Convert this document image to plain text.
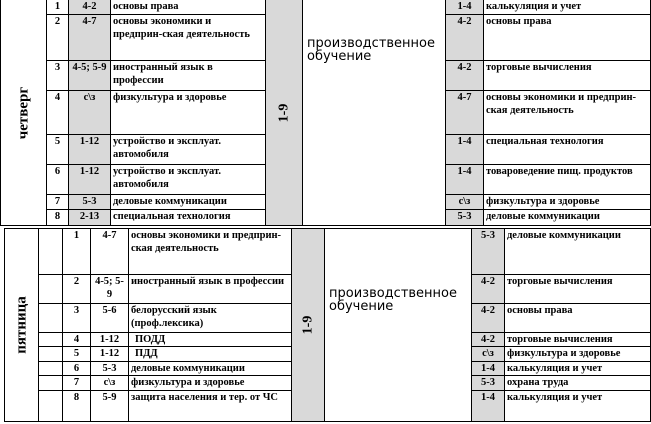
четверг	1	4-2	основы права	1-9	производственное обучение	1-4	калькуляция и учет
	2	4-7	основы экономики и предприн-ская деятельность			4-2	основы права
	3	4-5; 5-9	иностранный язык в профессии			4-2	торговые вычисления
	4	с\з	физкультура и здоровье			4-7	основы экономики и предприн-ская деятельность
	5	1-12	устройство и эксплуат. автомобиля			1-4	специальная технология
	6	1-12	устройство и эксплуат. автомобиля			1-4	товароведение пищ. продуктов
	7	5-3	деловые коммуникации			с\з	физкультура и здоровье
	8	2-13	специальная технология			5-3	деловые коммуникации
пятница		1	4-7	основы экономики и предприн-ская деятельность	1-9	производственное обучение	5-3	деловые коммуникации
		2	4-5; 5-9	иностранный язык в профессии			4-2	торговые вычисления
		3	5-6	белорусский язык (проф.лексика)			4-2	основы права
		4	1-12	ПОДД			4-2	торговые вычисления
		5	1-12	ПДД			с\з	физкультура и здоровье
		6	5-3	деловые коммуникации			1-4	калькуляция и учет
		7	с\з	физкультура и здоровье			5-3	охрана труда
		8	5-9	защита населения и тер. от ЧС			1-4	калькуляция и учет
